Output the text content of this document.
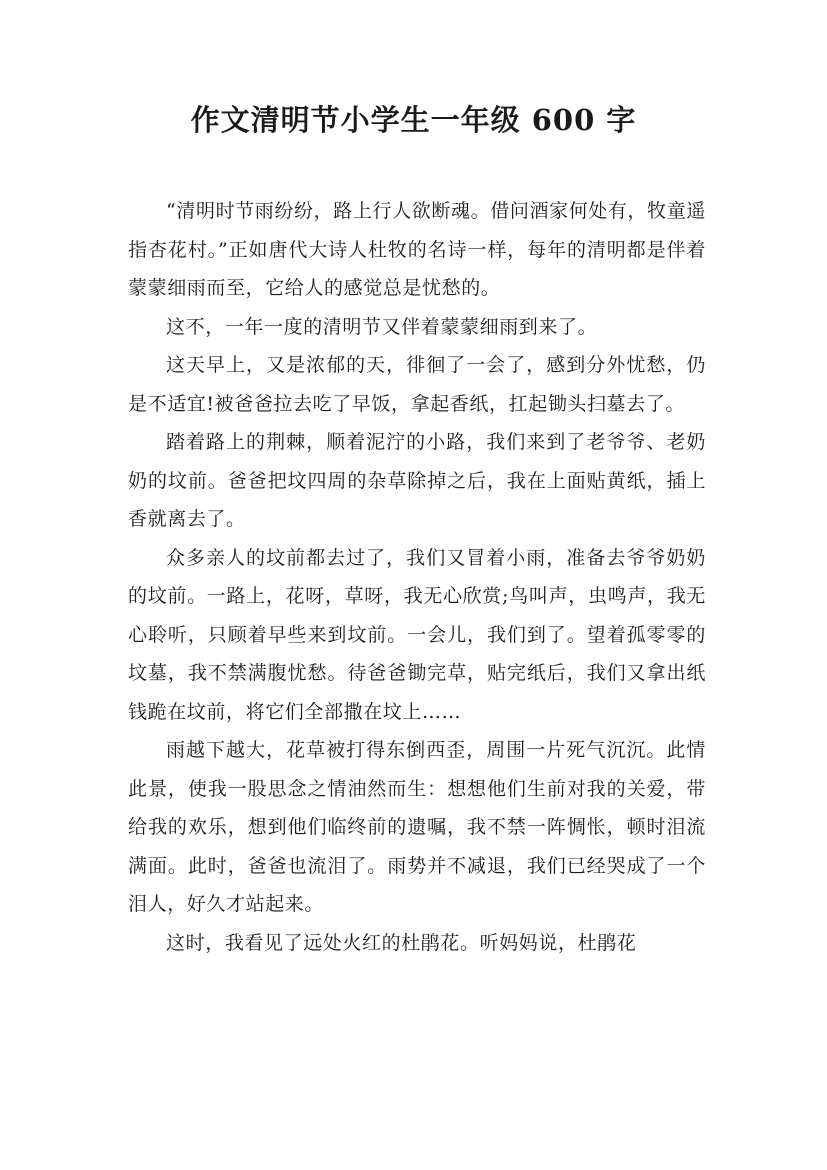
作文清明节小学生一年级 600 字

“清明时节雨纷纷，路上行人欲断魂。借问酒家何处有，牧童遥指杏花村。”正如唐代大诗人杜牧的名诗一样，每年的清明都是伴着蒙蒙细雨而至，它给人的感觉总是忧愁的。

这不，一年一度的清明节又伴着蒙蒙细雨到来了。

这天早上，又是浓郁的天，徘徊了一会了，感到分外忧愁，仍是不适宜!被爸爸拉去吃了早饭，拿起香纸，扛起锄头扫墓去了。

踏着路上的荆棘，顺着泥泞的小路，我们来到了老爷爷、老奶奶的坟前。爸爸把坟四周的杂草除掉之后，我在上面贴黄纸，插上香就离去了。

众多亲人的坟前都去过了，我们又冒着小雨，准备去爷爷奶奶的坟前。一路上，花呀，草呀，我无心欣赏;鸟叫声，虫鸣声，我无心聆听，只顾着早些来到坟前。一会儿，我们到了。望着孤零零的坟墓，我不禁满腹忧愁。待爸爸锄完草，贴完纸后，我们又拿出纸钱跪在坟前，将它们全部撒在坟上……

雨越下越大，花草被打得东倒西歪，周围一片死气沉沉。此情此景，使我一股思念之情油然而生：想想他们生前对我的关爱，带给我的欢乐，想到他们临终前的遗嘱，我不禁一阵惆怅，顿时泪流满面。此时，爸爸也流泪了。雨势并不减退，我们已经哭成了一个泪人，好久才站起来。

这时，我看见了远处火红的杜鹃花。听妈妈说，杜鹃花
